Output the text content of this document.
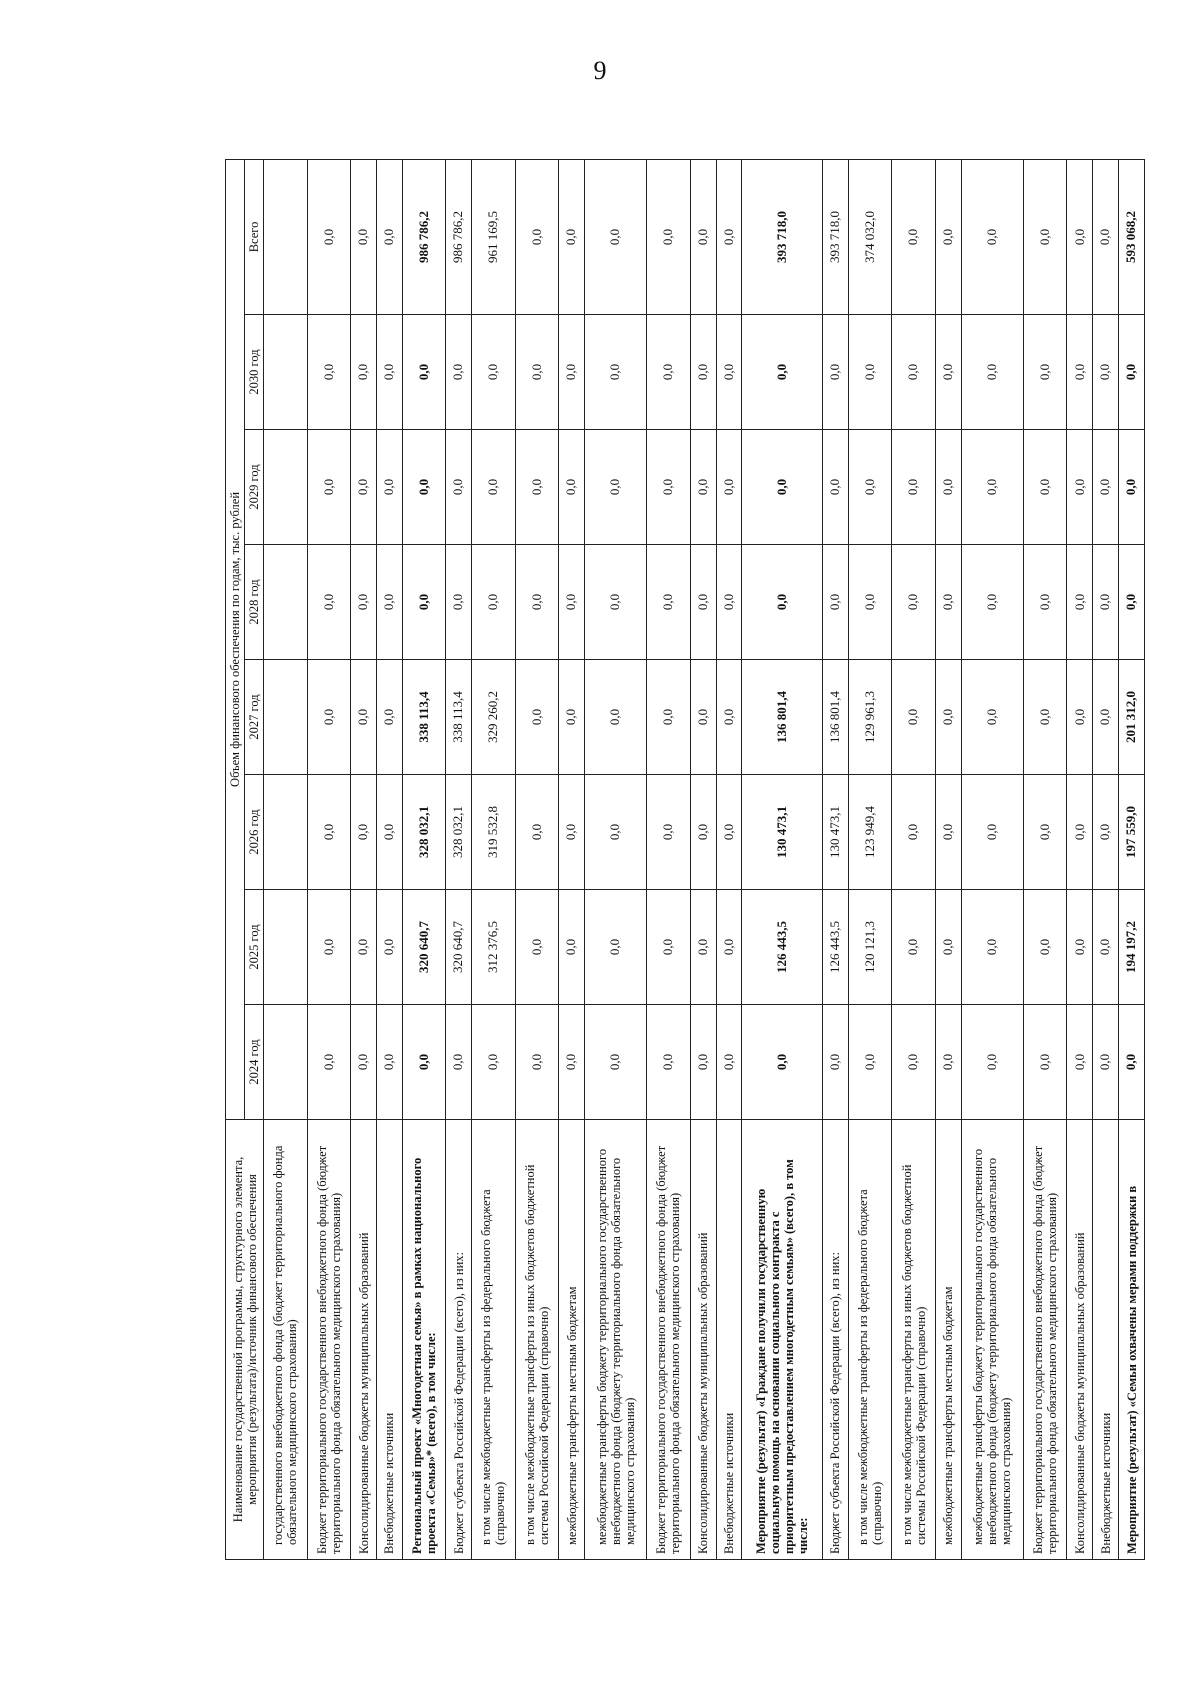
9
Наименование государственной программы, структурного элемента, мероприятия (результата)/источник финансового обеспечения	Объем финансового обеспечения по годам, тыс. рублей							
	2024 год	2025 год	2026 год	2027 год	2028 год	2029 год	2030 год	Всего
государственного внебюджетного фонда (бюджет территориального фонда обязательного медицинского страхования)								
Бюджет территориального государственного внебюджетного фонда (бюджет территориального фонда обязательного медицинского страхования)	0,0	0,0	0,0	0,0	0,0	0,0	0,0	0,0
Консолидированные бюджеты муниципальных образований	0,0	0,0	0,0	0,0	0,0	0,0	0,0	0,0
Внебюджетные источники	0,0	0,0	0,0	0,0	0,0	0,0	0,0	0,0
Региональный проект «Многодетная семья» в рамках национального проекта «Семья»* (всего), в том числе:	0,0	320 640,7	328 032,1	338 113,4	0,0	0,0	0,0	986 786,2
Бюджет субъекта Российской Федерации (всего), из них:	0,0	320 640,7	328 032,1	338 113,4	0,0	0,0	0,0	986 786,2
в том числе межбюджетные трансферты из федерального бюджета (справочно)	0,0	312 376,5	319 532,8	329 260,2	0,0	0,0	0,0	961 169,5
в том числе межбюджетные трансферты из иных бюджетов бюджетной системы Российской Федерации (справочно)	0,0	0,0	0,0	0,0	0,0	0,0	0,0	0,0
межбюджетные трансферты местным бюджетам	0,0	0,0	0,0	0,0	0,0	0,0	0,0	0,0
межбюджетные трансферты бюджету территориального государственного внебюджетного фонда (бюджету территориального фонда обязательного медицинского страхования)	0,0	0,0	0,0	0,0	0,0	0,0	0,0	0,0
Бюджет территориального государственного внебюджетного фонда (бюджет территориального фонда обязательного медицинского страхования)	0,0	0,0	0,0	0,0	0,0	0,0	0,0	0,0
Консолидированные бюджеты муниципальных образований	0,0	0,0	0,0	0,0	0,0	0,0	0,0	0,0
Внебюджетные источники	0,0	0,0	0,0	0,0	0,0	0,0	0,0	0,0
Мероприятие (результат) «Граждане получили государственную социальную помощь на основании социального контракта с приоритетным предоставлением многодетным семьям» (всего), в том числе:	0,0	126 443,5	130 473,1	136 801,4	0,0	0,0	0,0	393 718,0
Бюджет субъекта Российской Федерации (всего), из них:	0,0	126 443,5	130 473,1	136 801,4	0,0	0,0	0,0	393 718,0
в том числе межбюджетные трансферты из федерального бюджета (справочно)	0,0	120 121,3	123 949,4	129 961,3	0,0	0,0	0,0	374 032,0
в том числе межбюджетные трансферты из иных бюджетов бюджетной системы Российской Федерации (справочно)	0,0	0,0	0,0	0,0	0,0	0,0	0,0	0,0
межбюджетные трансферты местным бюджетам	0,0	0,0	0,0	0,0	0,0	0,0	0,0	0,0
межбюджетные трансферты бюджету территориального государственного внебюджетного фонда (бюджету территориального фонда обязательного медицинского страхования)	0,0	0,0	0,0	0,0	0,0	0,0	0,0	0,0
Бюджет территориального государственного внебюджетного фонда (бюджет территориального фонда обязательного медицинского страхования)	0,0	0,0	0,0	0,0	0,0	0,0	0,0	0,0
Консолидированные бюджеты муниципальных образований	0,0	0,0	0,0	0,0	0,0	0,0	0,0	0,0
Внебюджетные источники	0,0	0,0	0,0	0,0	0,0	0,0	0,0	0,0
Мероприятие (результат) «Семьи охвачены мерами поддержки в	0,0	194 197,2	197 559,0	201 312,0	0,0	0,0	0,0	593 068,2
